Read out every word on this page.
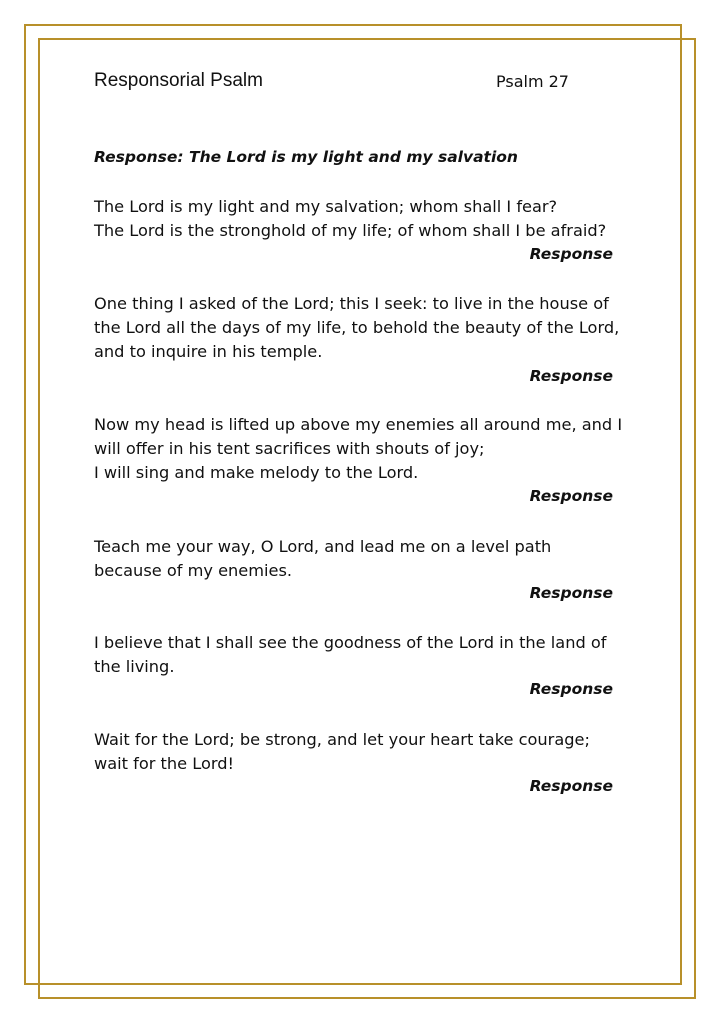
Responsorial Psalm	Psalm 27
Response: The Lord is my light and my salvation
The Lord is my light and my salvation; whom shall I fear?
The Lord is the stronghold of my life; of whom shall I be afraid?
Response
One thing I asked of the Lord; this I seek: to live in the house of
the Lord all the days of my life, to behold the beauty of the Lord,
and to inquire in his temple.
Response
Now my head is lifted up above my enemies all around me, and I
will offer in his tent sacrifices with shouts of joy;
I will sing and make melody to the Lord.
Response
Teach me your way, O Lord, and lead me on a level path
because of my enemies.
Response
I believe that I shall see the goodness of the Lord in the land of
the living.
Response
Wait for the Lord; be strong, and let your heart take courage;
wait for the Lord!
Response
